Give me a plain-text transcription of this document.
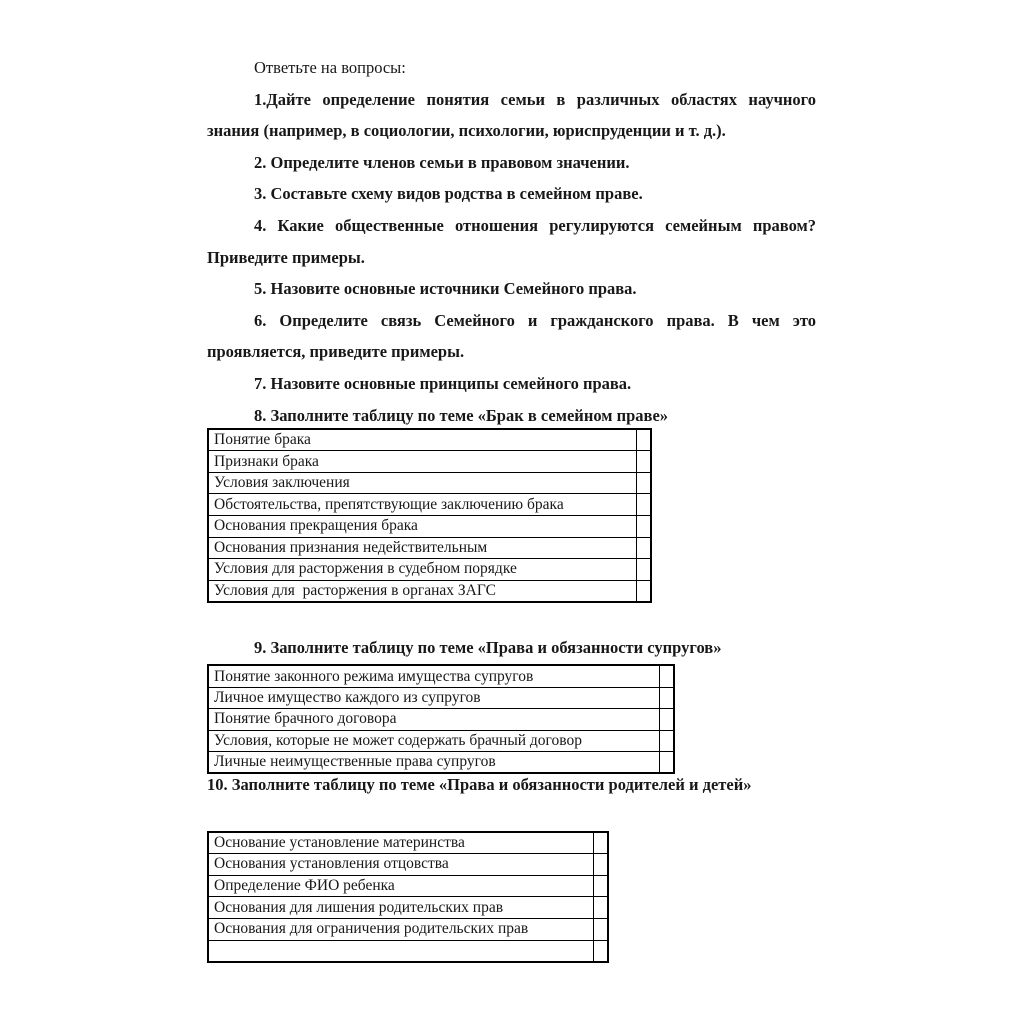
Ответьте на вопросы:

1.Дайте определение понятия семьи в различных областях научного знания (например, в социологии, психологии, юриспруденции и т. д.).

2. Определите членов семьи в правовом значении.

3. Составьте схему видов родства в семейном праве.

4. Какие общественные отношения регулируются семейным правом? Приведите примеры.

5. Назовите основные источники Семейного права.

6. Определите связь Семейного и гражданского права. В чем это проявляется, приведите примеры.

7. Назовите основные принципы семейного права.

8. Заполните таблицу по теме «Брак в семейном праве»

Понятие брака	
Признаки брака	
Условия заключения	
Обстоятельства, препятствующие заключению брака	
Основания прекращения брака	
Основания признания недействительным	
Условия для расторжения в судебном порядке	
Условия для  расторжения в органах ЗАГС	

9. Заполните таблицу по теме «Права и обязанности супругов»

Понятие законного режима имущества супругов	
Личное имущество каждого из супругов	
Понятие брачного договора	
Условия, которые не может содержать брачный договор	
Личные неимущественные права супругов	

10. Заполните таблицу по теме «Права и обязанности родителей и детей»

Основание установление материнства	
Основания установления отцовства	
Определение ФИО ребенка	
Основания для лишения родительских прав	
Основания для ограничения родительских прав	
